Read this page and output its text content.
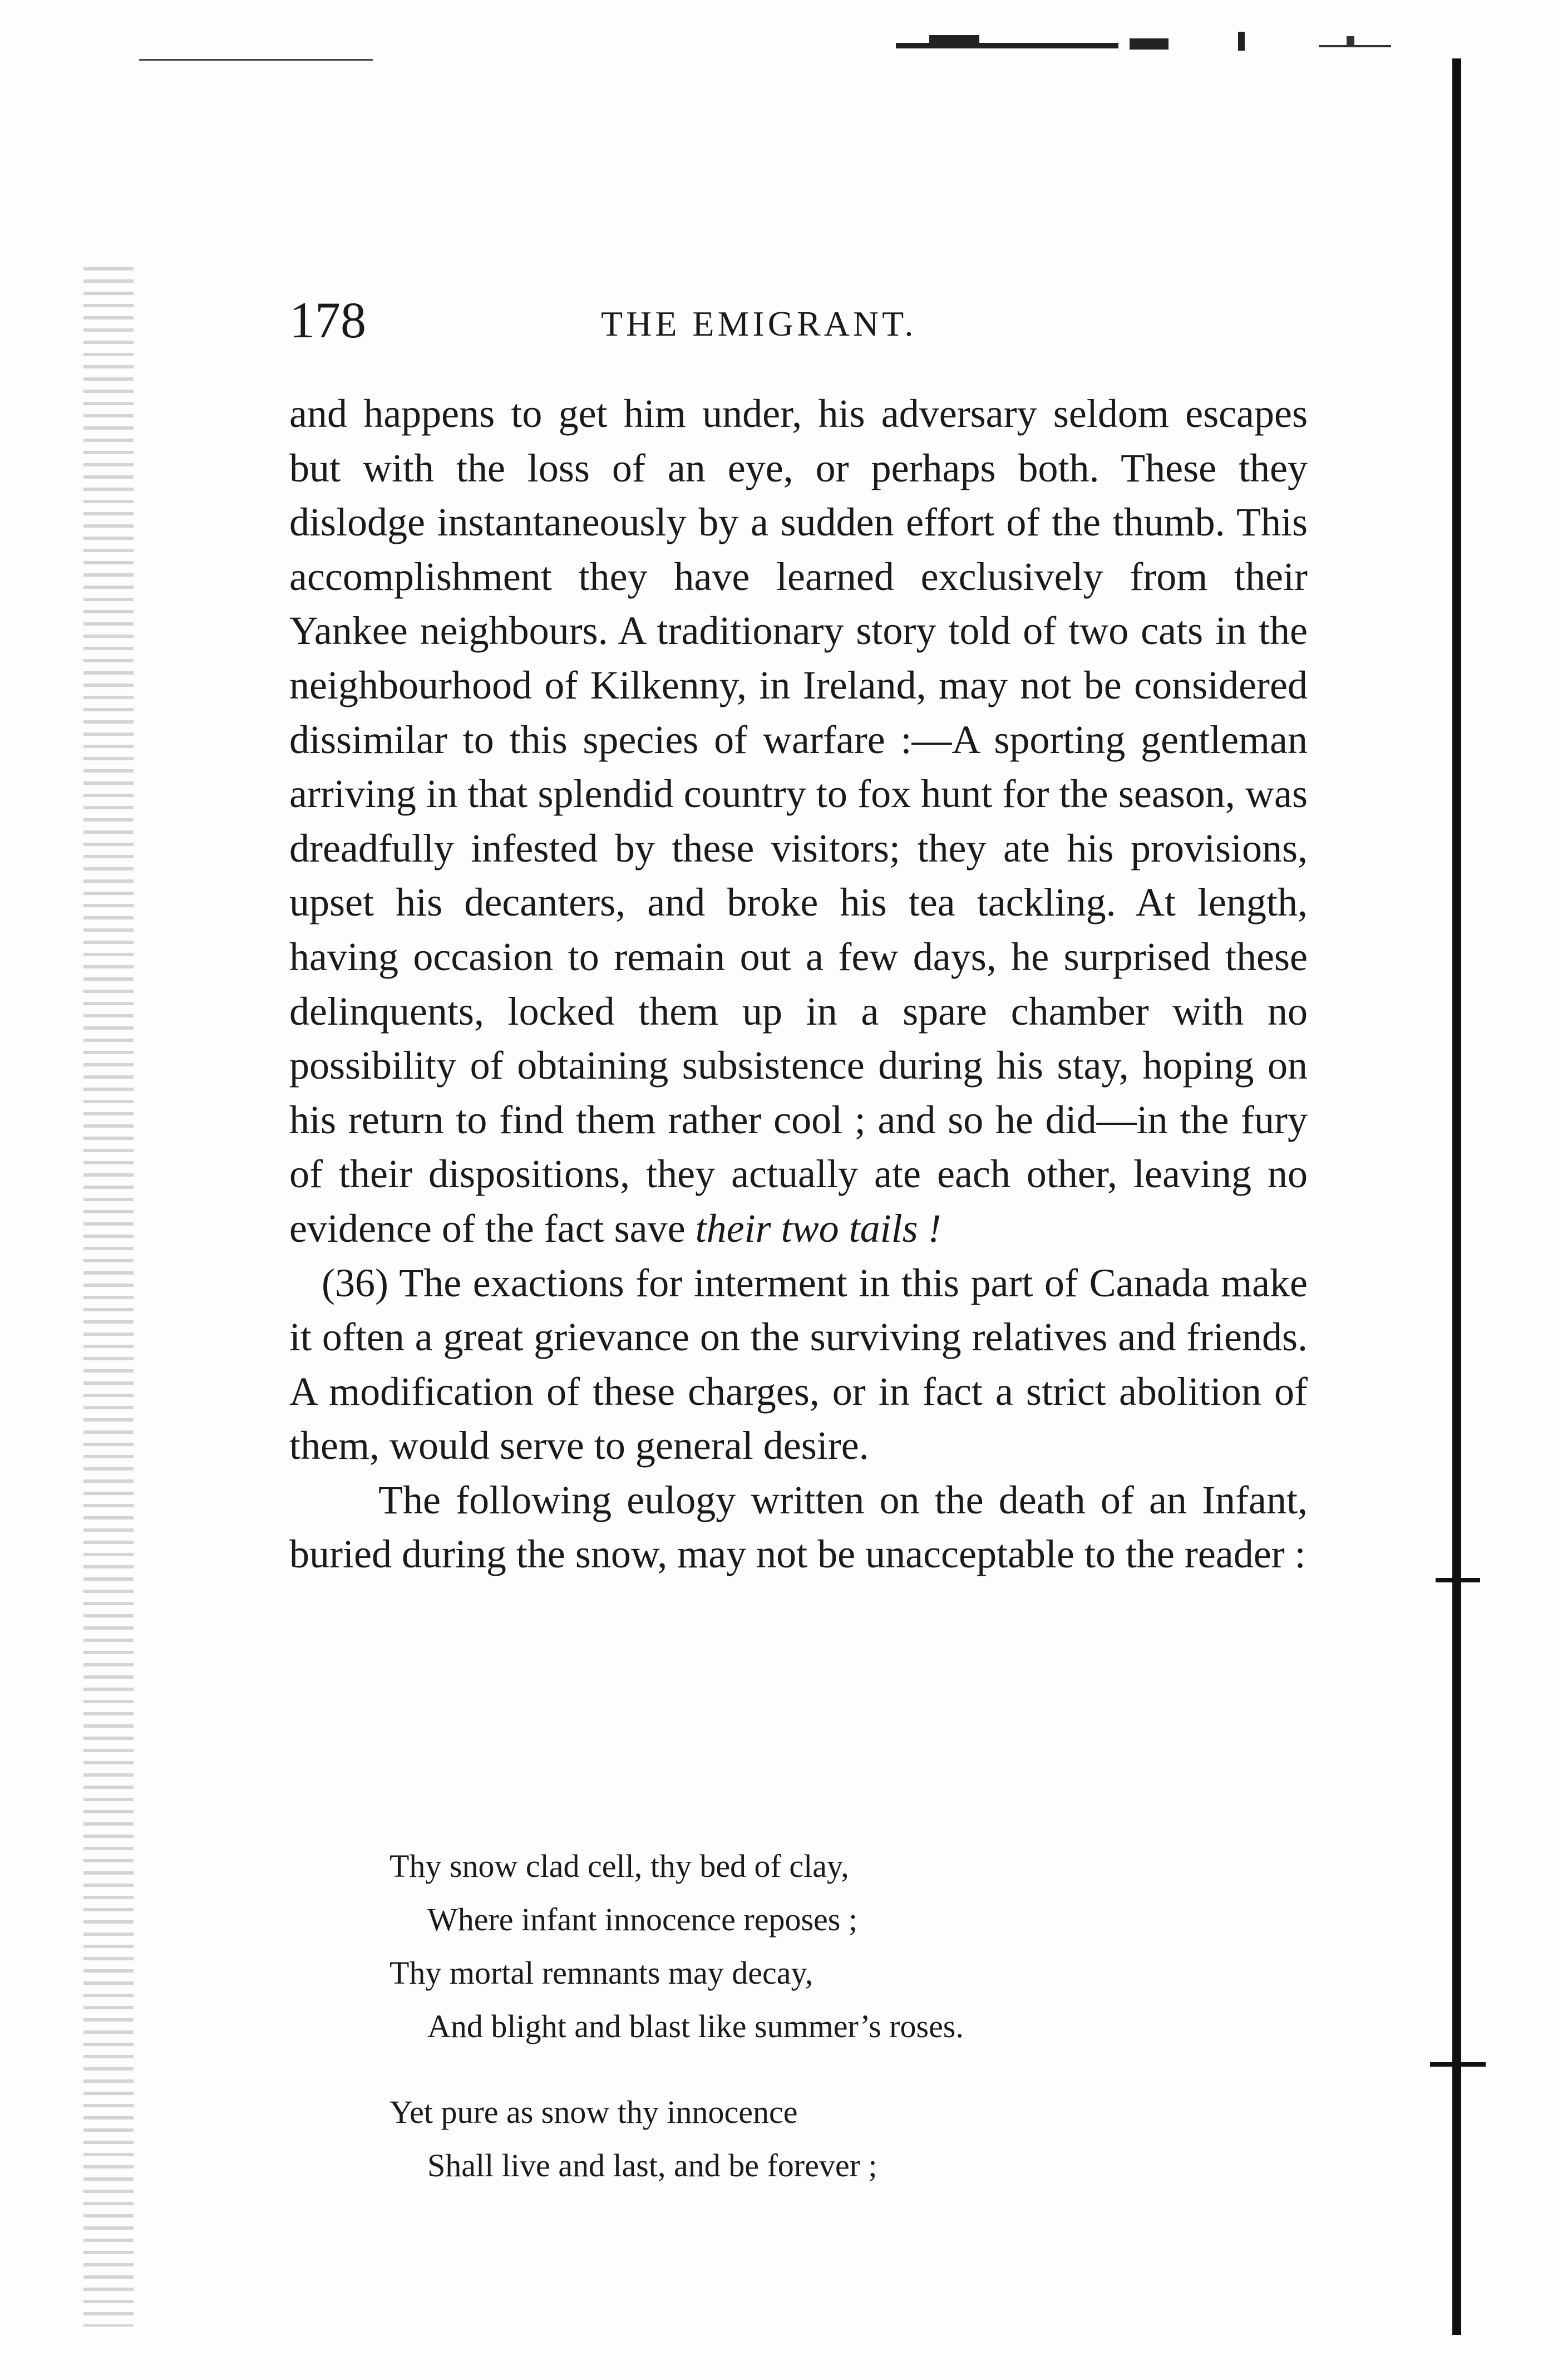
178	THE EMIGRANT.

and happens to get him under, his adversary seldom escapes but with the loss of an eye, or perhaps both. These they dislodge instantaneously by a sudden effort of the thumb. This accomplishment they have learned exclusively from their Yankee neighbours. A traditionary story told of two cats in the neighbourhood of Kilkenny, in Ireland, may not be considered dissimilar to this species of warfare :—A sporting gentleman arriving in that splendid country to fox hunt for the season, was dreadfully infested by these visitors; they ate his provisions, upset his decanters, and broke his tea tackling. At length, having occasion to remain out a few days, he surprised these delinquents, locked them up in a spare chamber with no possibility of obtaining subsistence during his stay, hoping on his return to find them rather cool ; and so he did—in the fury of their dispositions, they actually ate each other, leaving no evidence of the fact save their two tails !

(36) The exactions for interment in this part of Canada make it often a great grievance on the surviving relatives and friends. A modification of these charges, or in fact a strict abolition of them, would serve to general desire.

The following eulogy written on the death of an Infant, buried during the snow, may not be unacceptable to the reader :

Thy snow clad cell, thy bed of clay,
Where infant innocence reposes ;
Thy mortal remnants may decay,
And blight and blast like summer’s roses.
Yet pure as snow thy innocence
Shall live and last, and be forever ;
